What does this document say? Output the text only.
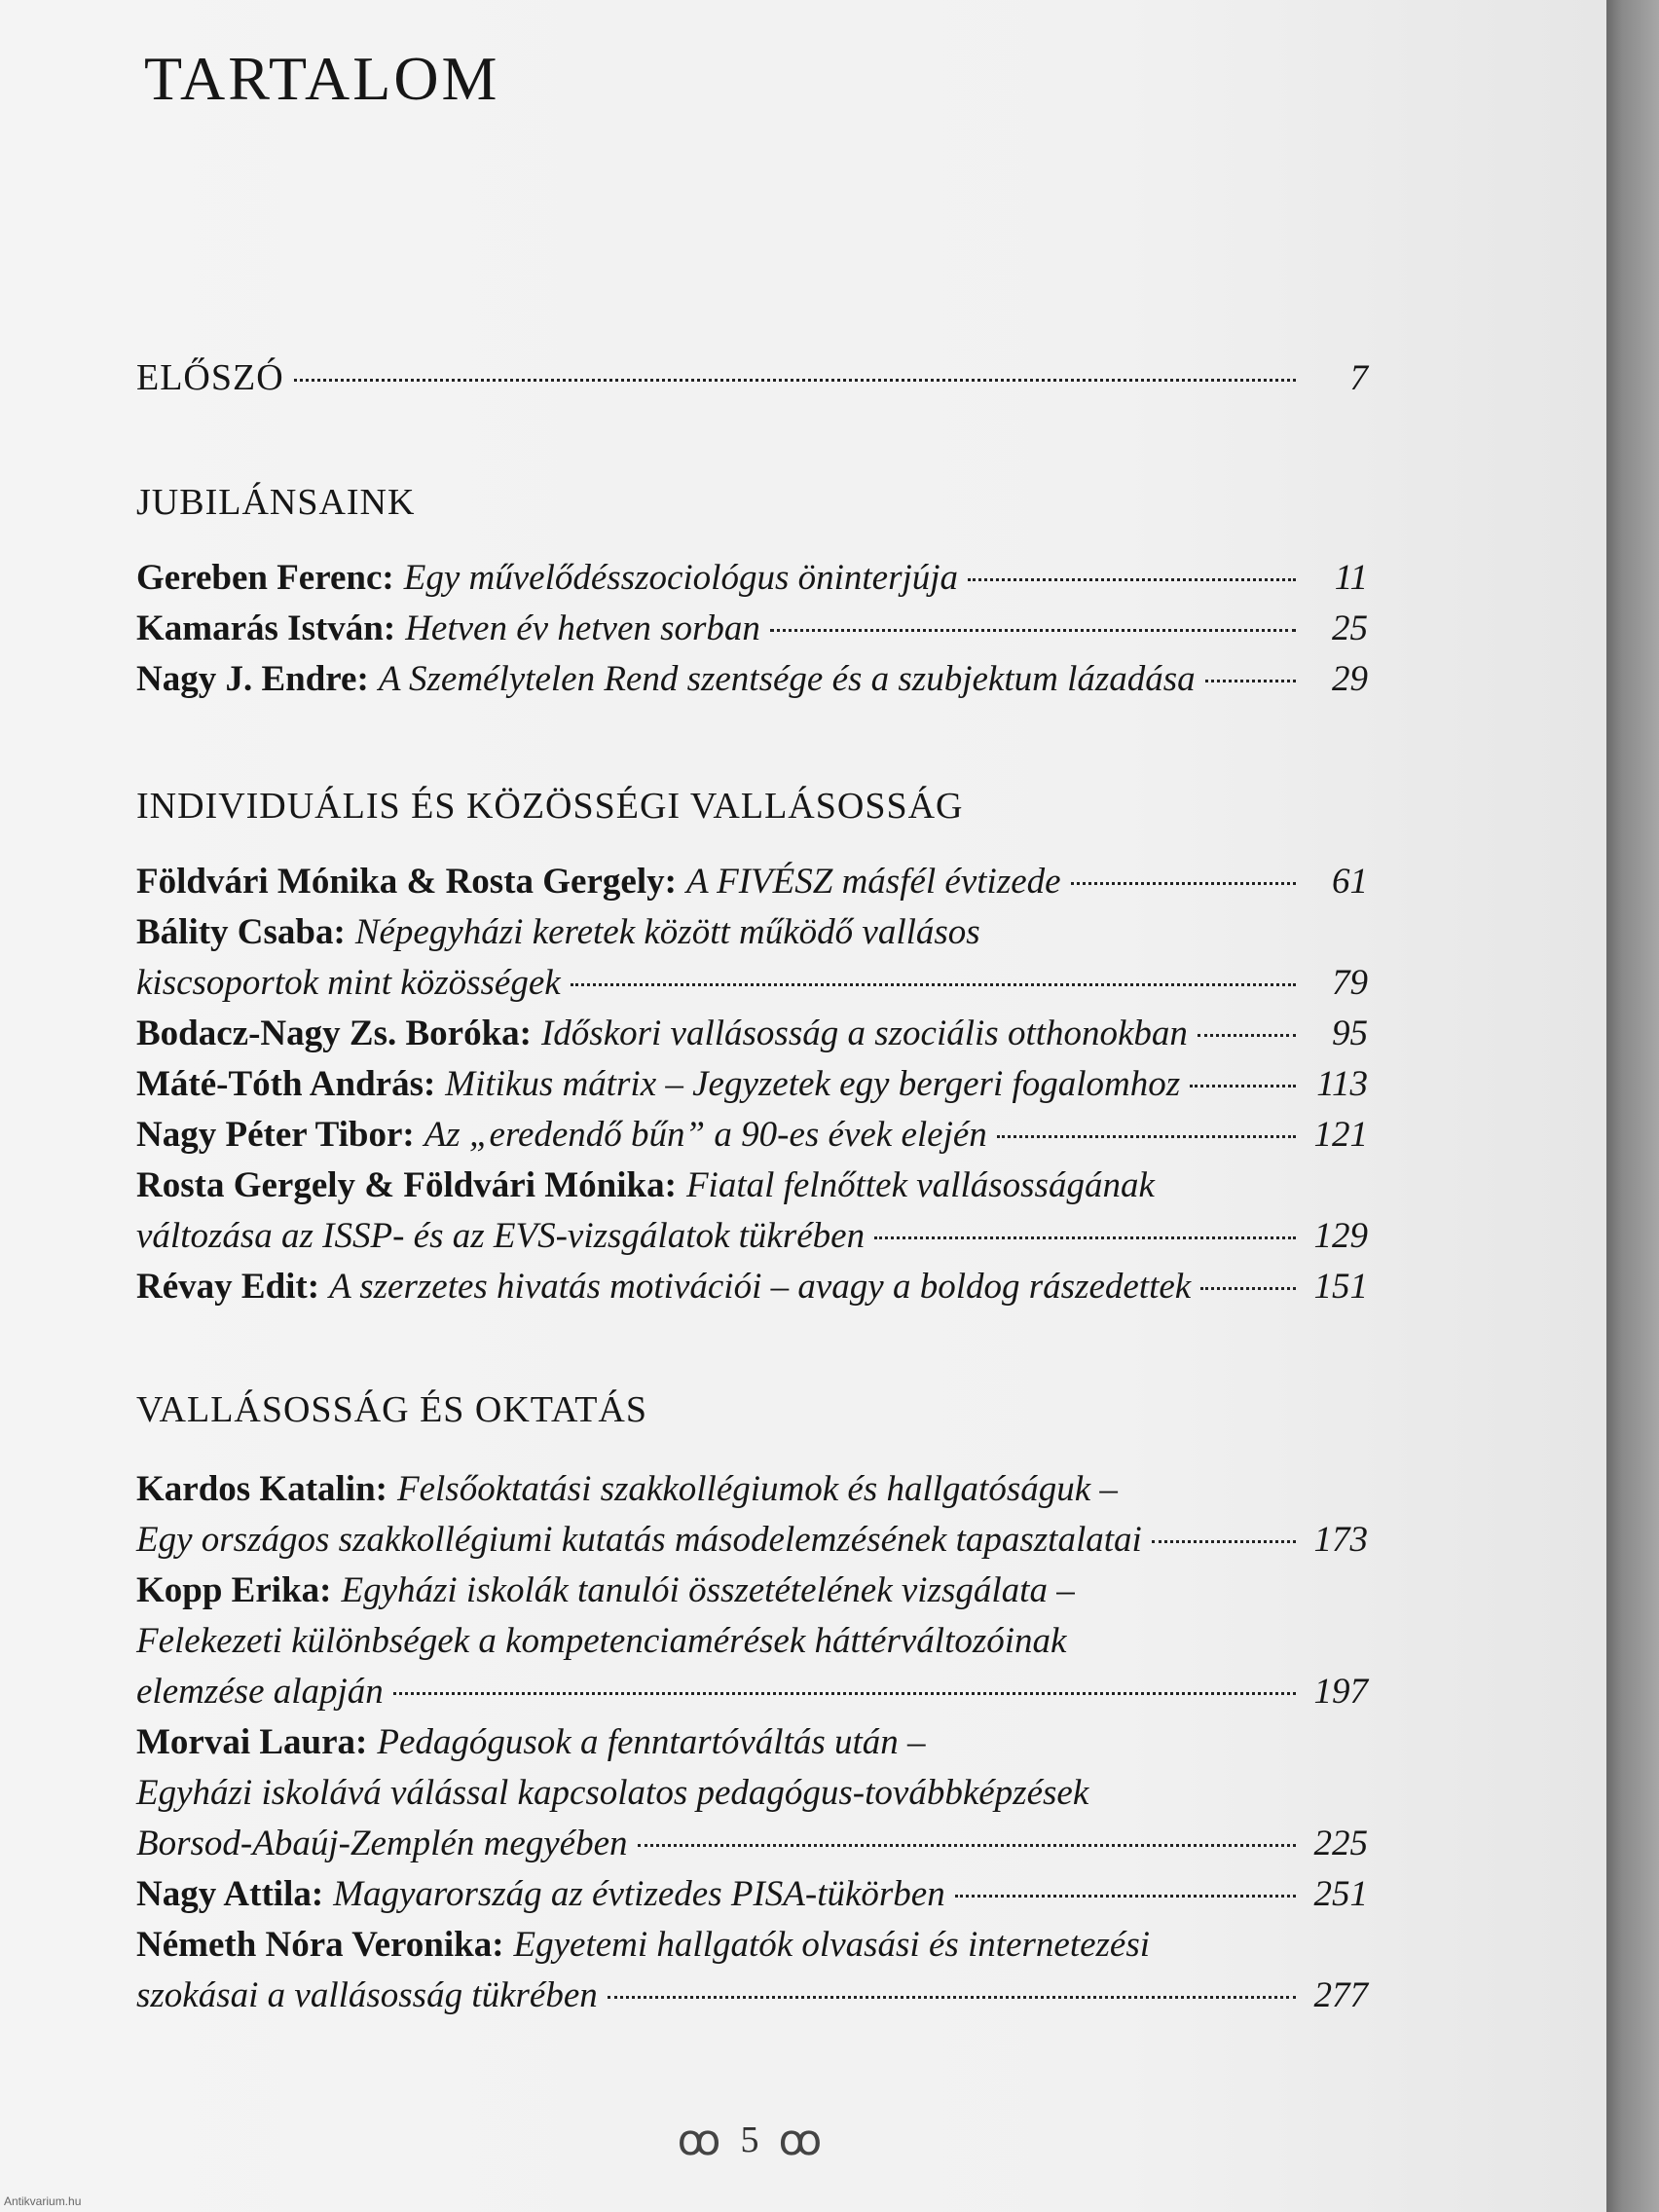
TARTALOM
ELŐSZÓ	7
JUBILÁNSAINK
Gereben Ferenc: Egy művelődésszociológus öninterjúja	11
Kamarás István: Hetven év hetven sorban	25
Nagy J. Endre: A Személytelen Rend szentsége és a szubjektum lázadása	29
INDIVIDUÁLIS ÉS KÖZÖSSÉGI VALLÁSOSSÁG
Földvári Mónika & Rosta Gergely: A FIVÉSZ másfél évtizede	61
Bálity Csaba: Népegyházi keretek között működő vallásos
kiscsoportok mint közösségek	79
Bodacz-Nagy Zs. Boróka: Időskori vallásosság a szociális otthonokban	95
Máté-Tóth András: Mitikus mátrix – Jegyzetek egy bergeri fogalomhoz	113
Nagy Péter Tibor: Az „eredendő bűn” a 90-es évek elején	121
Rosta Gergely & Földvári Mónika: Fiatal felnőttek vallásosságának
változása az ISSP- és az EVS-vizsgálatok tükrében	129
Révay Edit: A szerzetes hivatás motivációi – avagy a boldog rászedettek	151
VALLÁSOSSÁG ÉS OKTATÁS
Kardos Katalin: Felsőoktatási szakkollégiumok és hallgatóságuk –
Egy országos szakkollégiumi kutatás másodelemzésének tapasztalatai	173
Kopp Erika: Egyházi iskolák tanulói összetételének vizsgálata –
Felekezeti különbségek a kompetenciamérések háttérváltozóinak
elemzése alapján	197
Morvai Laura: Pedagógusok a fenntartóváltás után –
Egyházi iskolává válással kapcsolatos pedagógus-továbbképzések
Borsod-Abaúj-Zemplén megyében	225
Nagy Attila: Magyarország az évtizedes PISA-tükörben	251
Németh Nóra Veronika: Egyetemi hallgatók olvasási és internetezési
szokásai a vallásosság tükrében	277
ꝏ 5 ꝏ
Antikvarium.hu
